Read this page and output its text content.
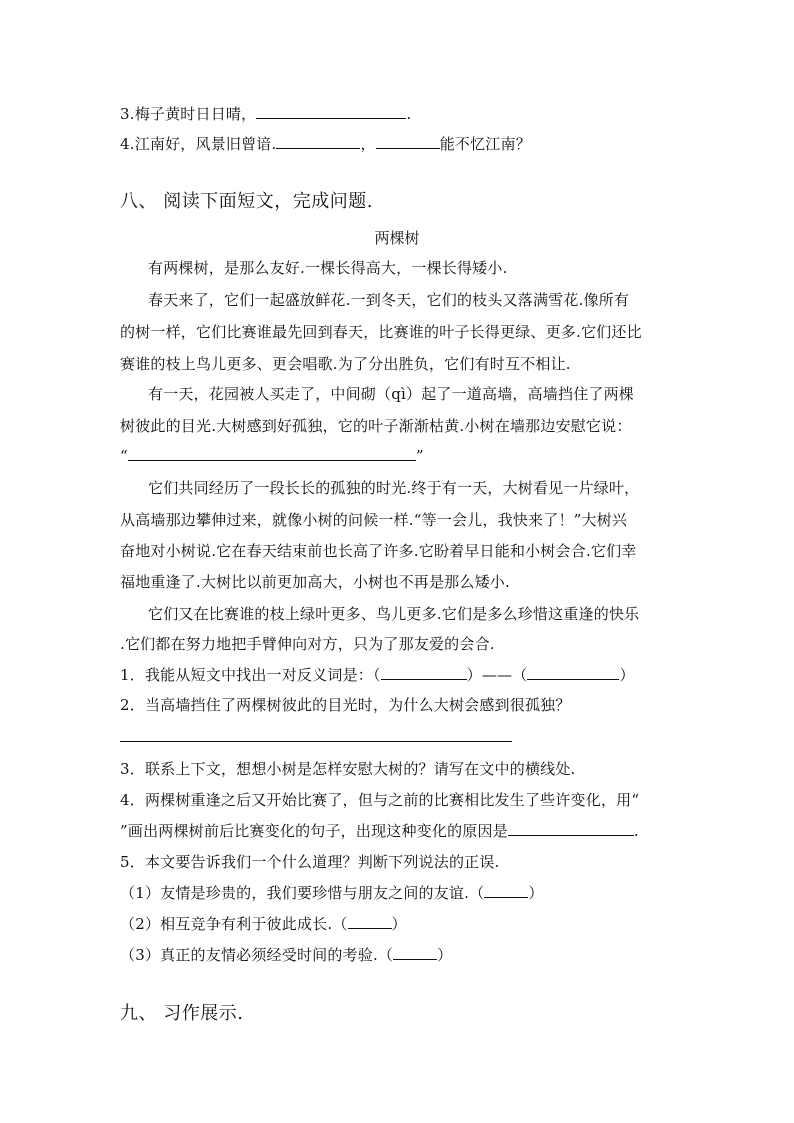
3.梅子黄时日日晴，	.
4.江南好，风景旧曾谙.	，	能不忆江南？
八、 阅读下面短文，完成问题.
两棵树
有两棵树，是那么友好.一棵长得高大，一棵长得矮小.
春天来了，它们一起盛放鲜花.一到冬天，它们的枝头又落满雪花.像所有
的树一样，它们比赛谁最先回到春天，比赛谁的叶子长得更绿、更多.它们还比
赛谁的枝上鸟儿更多、更会唱歌.为了分出胜负，它们有时互不相让.
有一天，花园被人买走了，中间砌（qì）起了一道高墙，高墙挡住了两棵
树彼此的目光.大树感到好孤独，它的叶子渐渐枯黄.小树在墙那边安慰它说：
“	”
它们共同经历了一段长长的孤独的时光.终于有一天，大树看见一片绿叶，
从高墙那边攀伸过来，就像小树的问候一样.“等一会儿，我快来了！”大树兴
奋地对小树说.它在春天结束前也长高了许多.它盼着早日能和小树会合.它们幸
福地重逢了.大树比以前更加高大，小树也不再是那么矮小.
它们又在比赛谁的枝上绿叶更多、鸟儿更多.它们是多么珍惜这重逢的快乐
.它们都在努力地把手臂伸向对方，只为了那友爱的会合.
1．我能从短文中找出一对反义词是：（	）——（	）
2．当高墙挡住了两棵树彼此的目光时，为什么大树会感到很孤独？
3．联系上下文，想想小树是怎样安慰大树的？请写在文中的横线处.
4．两棵树重逢之后又开始比赛了，但与之前的比赛相比发生了些许变化，用“
”画出两棵树前后比赛变化的句子，出现这种变化的原因是	.
5．本文要告诉我们一个什么道理？判断下列说法的正误.
（1）友情是珍贵的，我们要珍惜与朋友之间的友谊.（	）
（2）相互竞争有利于彼此成长.（	）
（3）真正的友情必须经受时间的考验.（	）
九、 习作展示.
